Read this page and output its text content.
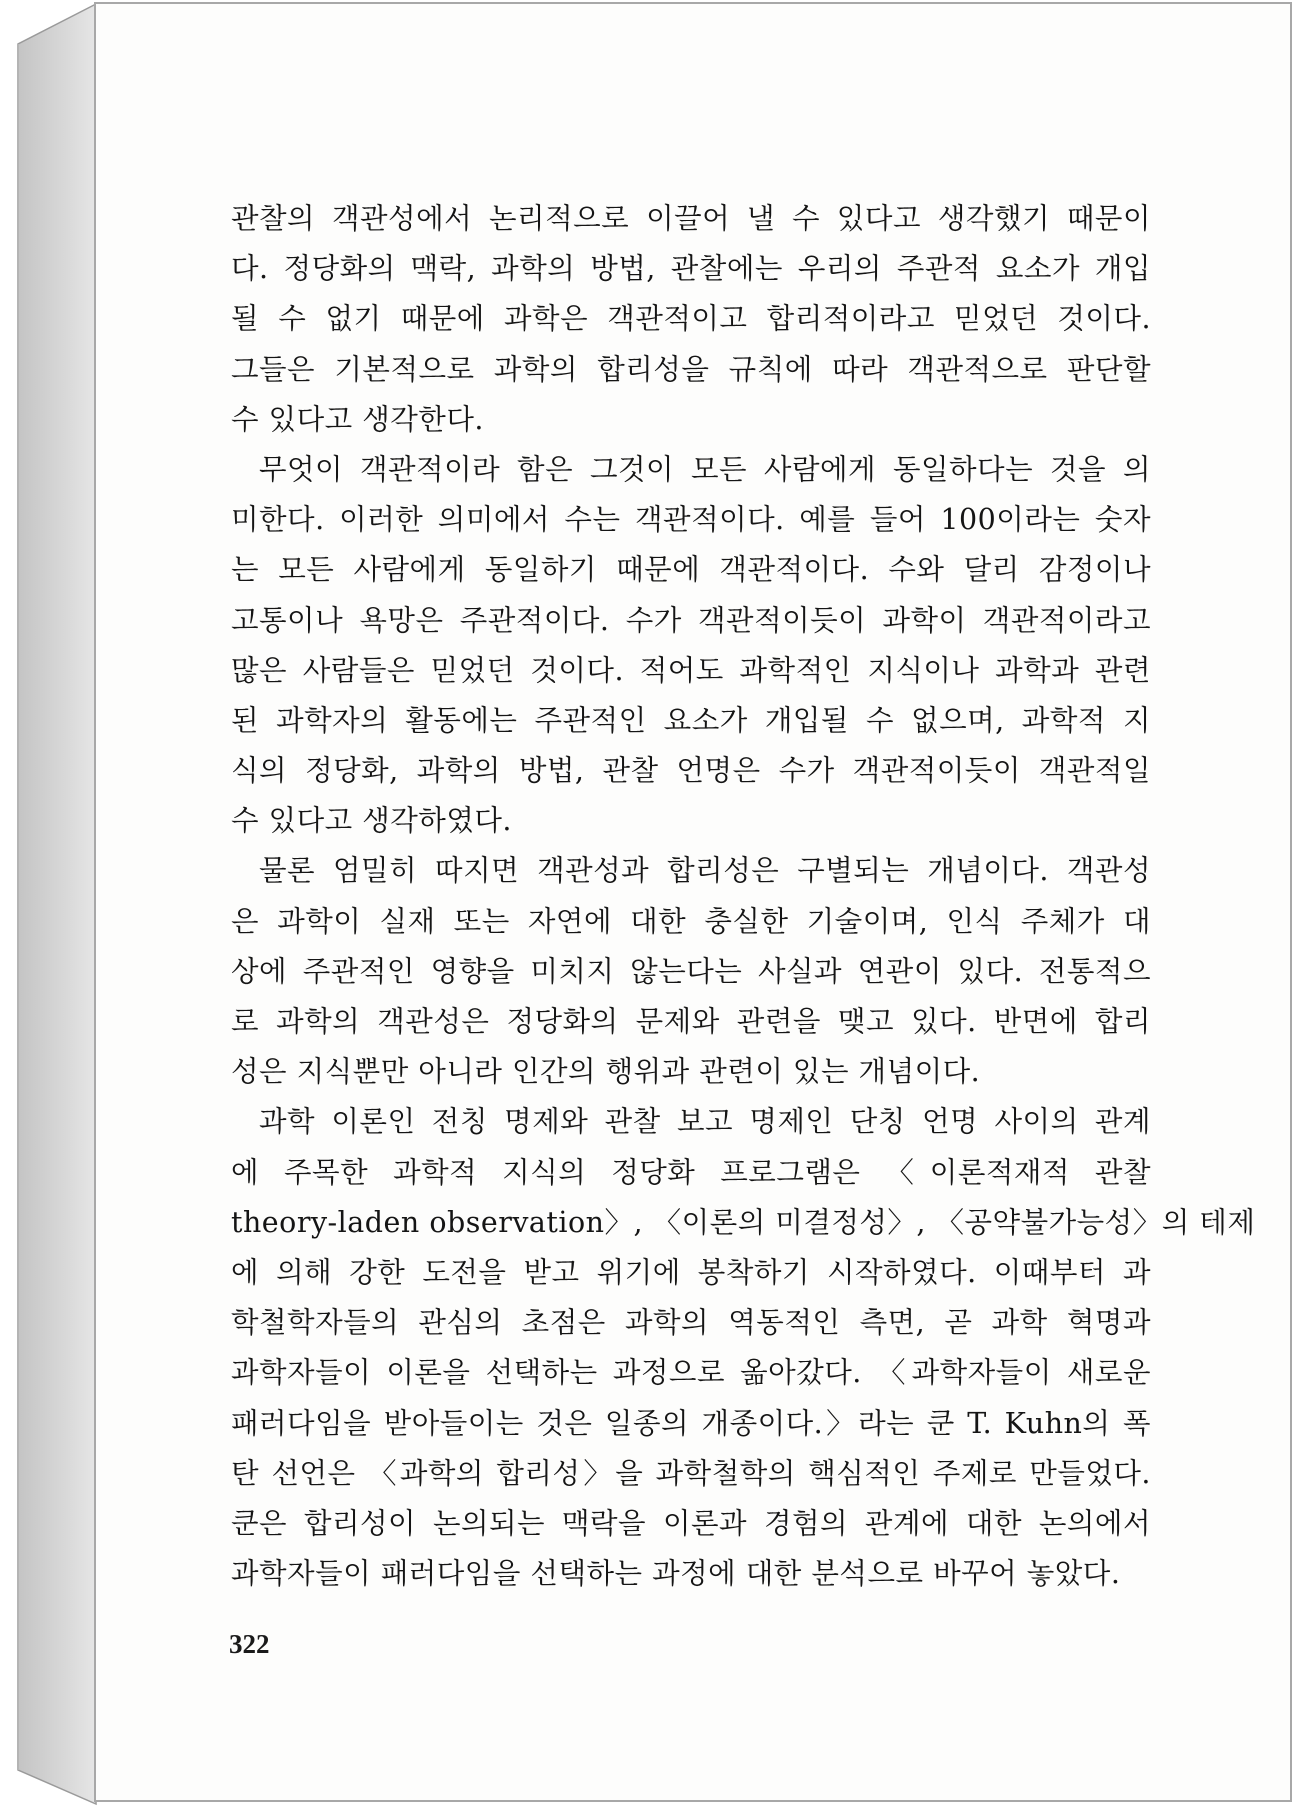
관찰의 객관성에서 논리적으로 이끌어 낼 수 있다고 생각했기 때문이
다. 정당화의 맥락, 과학의 방법, 관찰에는 우리의 주관적 요소가 개입
될 수 없기 때문에 과학은 객관적이고 합리적이라고 믿었던 것이다.
그들은 기본적으로 과학의 합리성을 규칙에 따라 객관적으로 판단할
수 있다고 생각한다.
무엇이 객관적이라 함은 그것이 모든 사람에게 동일하다는 것을 의
미한다. 이러한 의미에서 수는 객관적이다. 예를 들어 100이라는 숫자
는 모든 사람에게 동일하기 때문에 객관적이다. 수와 달리 감정이나
고통이나 욕망은 주관적이다. 수가 객관적이듯이 과학이 객관적이라고
많은 사람들은 믿었던 것이다. 적어도 과학적인 지식이나 과학과 관련
된 과학자의 활동에는 주관적인 요소가 개입될 수 없으며, 과학적 지
식의 정당화, 과학의 방법, 관찰 언명은 수가 객관적이듯이 객관적일
수 있다고 생각하였다.
물론 엄밀히 따지면 객관성과 합리성은 구별되는 개념이다. 객관성
은 과학이 실재 또는 자연에 대한 충실한 기술이며, 인식 주체가 대
상에 주관적인 영향을 미치지 않는다는 사실과 연관이 있다. 전통적으
로 과학의 객관성은 정당화의 문제와 관련을 맺고 있다. 반면에 합리
성은 지식뿐만 아니라 인간의 행위과 관련이 있는 개념이다.
과학 이론인 전칭 명제와 관찰 보고 명제인 단칭 언명 사이의 관계
에 주목한 과학적 지식의 정당화 프로그램은 〈이론적재적 관찰
theory-laden observation〉, 〈이론의 미결정성〉, 〈공약불가능성〉의 테제
에 의해 강한 도전을 받고 위기에 봉착하기 시작하였다. 이때부터 과
학철학자들의 관심의 초점은 과학의 역동적인 측면, 곧 과학 혁명과
과학자들이 이론을 선택하는 과정으로 옮아갔다. 〈과학자들이 새로운
패러다임을 받아들이는 것은 일종의 개종이다.〉라는 쿤 T. Kuhn의 폭
탄 선언은 〈과학의 합리성〉을 과학철학의 핵심적인 주제로 만들었다.
쿤은 합리성이 논의되는 맥락을 이론과 경험의 관계에 대한 논의에서
과학자들이 패러다임을 선택하는 과정에 대한 분석으로 바꾸어 놓았다.
322
